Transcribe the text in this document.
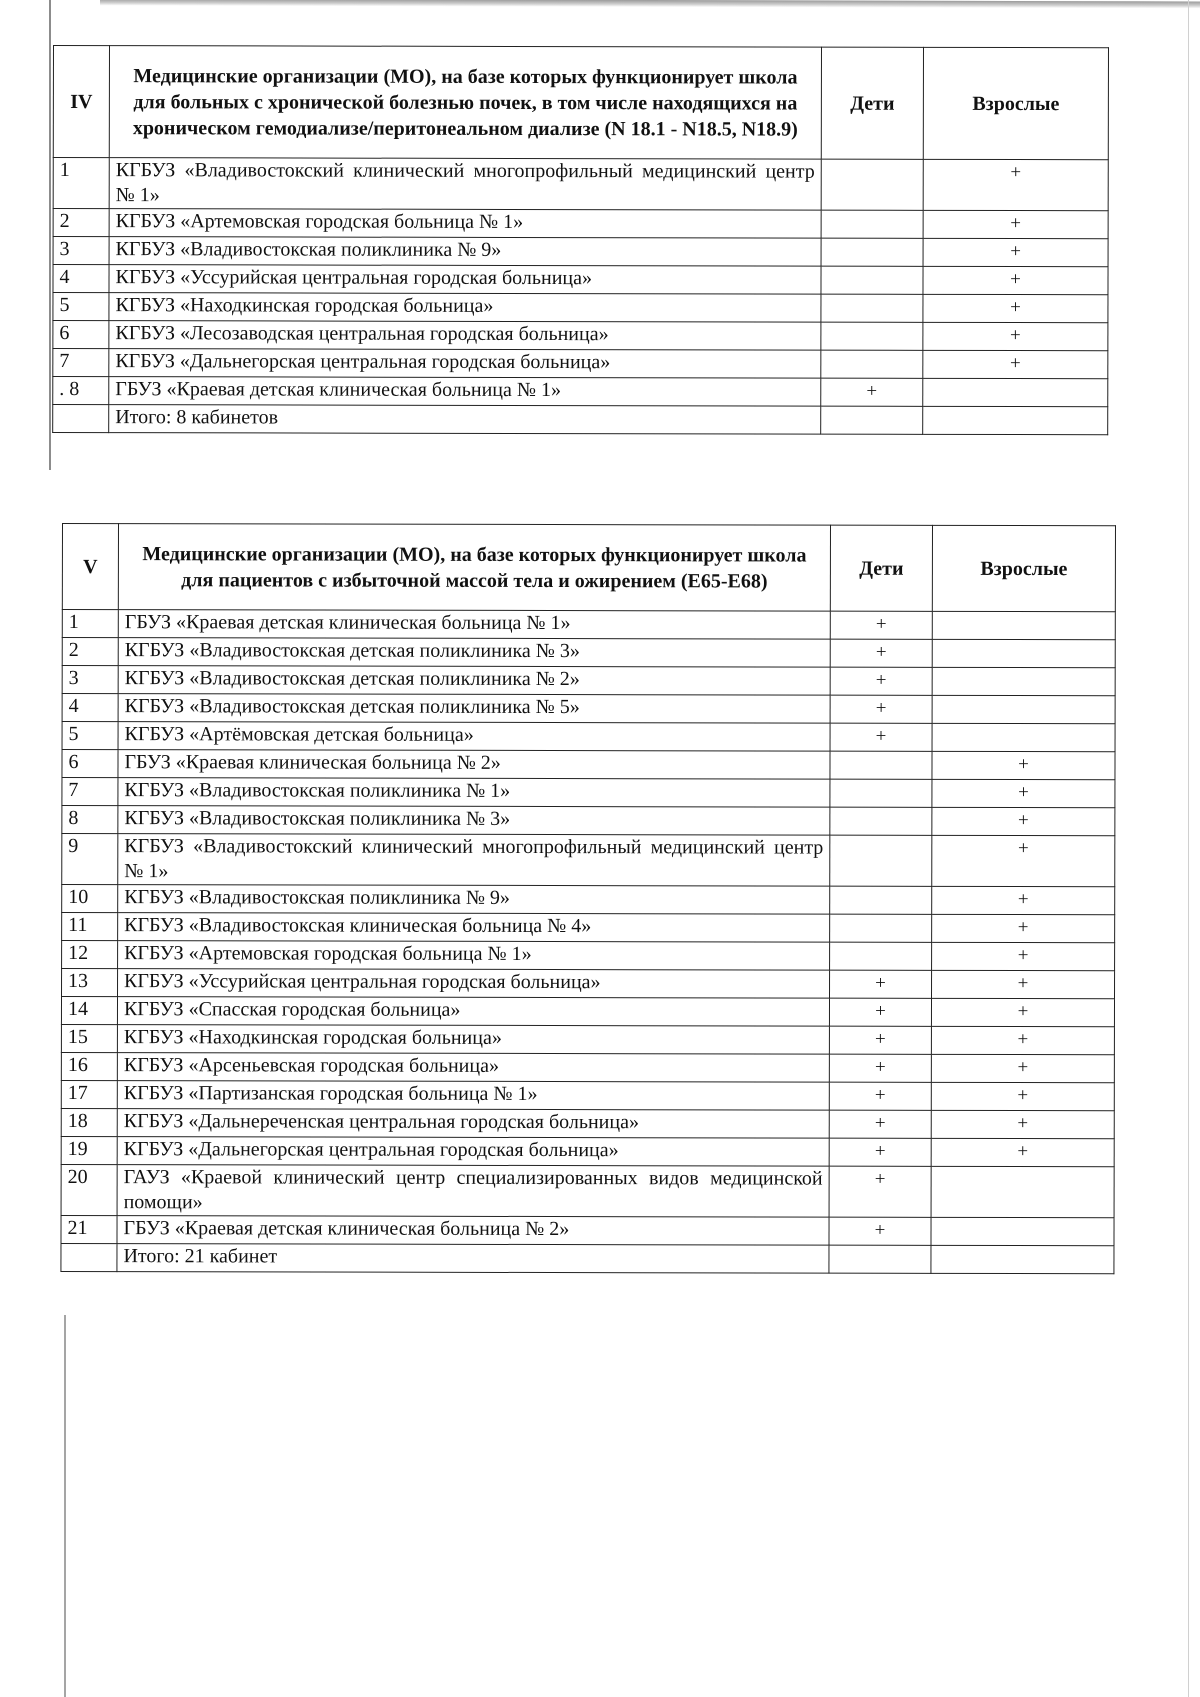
IV	Медицинские организации (МО), на базе которых функционирует школа для больных с хронической болезнью почек, в том числе находящихся на хроническом гемодиализе/перитонеальном диализе (N 18.1 - N18.5, N18.9)	Дети	Взрослые
1	КГБУЗ «Владивостокский клинический многопрофильный медицинский центр № 1»		+
2	КГБУЗ «Артемовская городская больница № 1»		+
3	КГБУЗ «Владивостокская поликлиника № 9»		+
4	КГБУЗ «Уссурийская центральная городская больница»		+
5	КГБУЗ «Находкинская городская больница»		+
6	КГБУЗ «Лесозаводская центральная городская больница»		+
7	КГБУЗ «Дальнегорская центральная городская больница»		+
. 8	ГБУЗ «Краевая детская клиническая больница № 1»	+	
	Итого: 8 кабинетов		
V	Медицинские организации (МО), на базе которых функционирует школа для пациентов с избыточной массой тела и ожирением (E65-E68)	Дети	Взрослые
1	ГБУЗ «Краевая детская клиническая больница № 1»	+	
2	КГБУЗ «Владивостокская детская поликлиника № 3»	+	
3	КГБУЗ «Владивостокская детская поликлиника № 2»	+	
4	КГБУЗ «Владивостокская детская поликлиника № 5»	+	
5	КГБУЗ «Артёмовская детская больница»	+	
6	ГБУЗ «Краевая клиническая больница № 2»		+
7	КГБУЗ «Владивостокская поликлиника № 1»		+
8	КГБУЗ «Владивостокская поликлиника № 3»		+
9	КГБУЗ «Владивостокский клинический многопрофильный медицинский центр № 1»		+
10	КГБУЗ «Владивостокская поликлиника № 9»		+
11	КГБУЗ «Владивостокская клиническая больница № 4»		+
12	КГБУЗ «Артемовская городская больница № 1»		+
13	КГБУЗ «Уссурийская центральная городская больница»	+	+
14	КГБУЗ «Спасская городская больница»	+	+
15	КГБУЗ «Находкинская городская больница»	+	+
16	КГБУЗ «Арсеньевская городская больница»	+	+
17	КГБУЗ «Партизанская городская больница № 1»	+	+
18	КГБУЗ «Дальнереченская центральная городская больница»	+	+
19	КГБУЗ «Дальнегорская центральная городская больница»	+	+
20	ГАУЗ «Краевой клинический центр специализированных видов медицинской помощи»	+	
21	ГБУЗ «Краевая детская клиническая больница № 2»	+	
	Итого: 21 кабинет		
